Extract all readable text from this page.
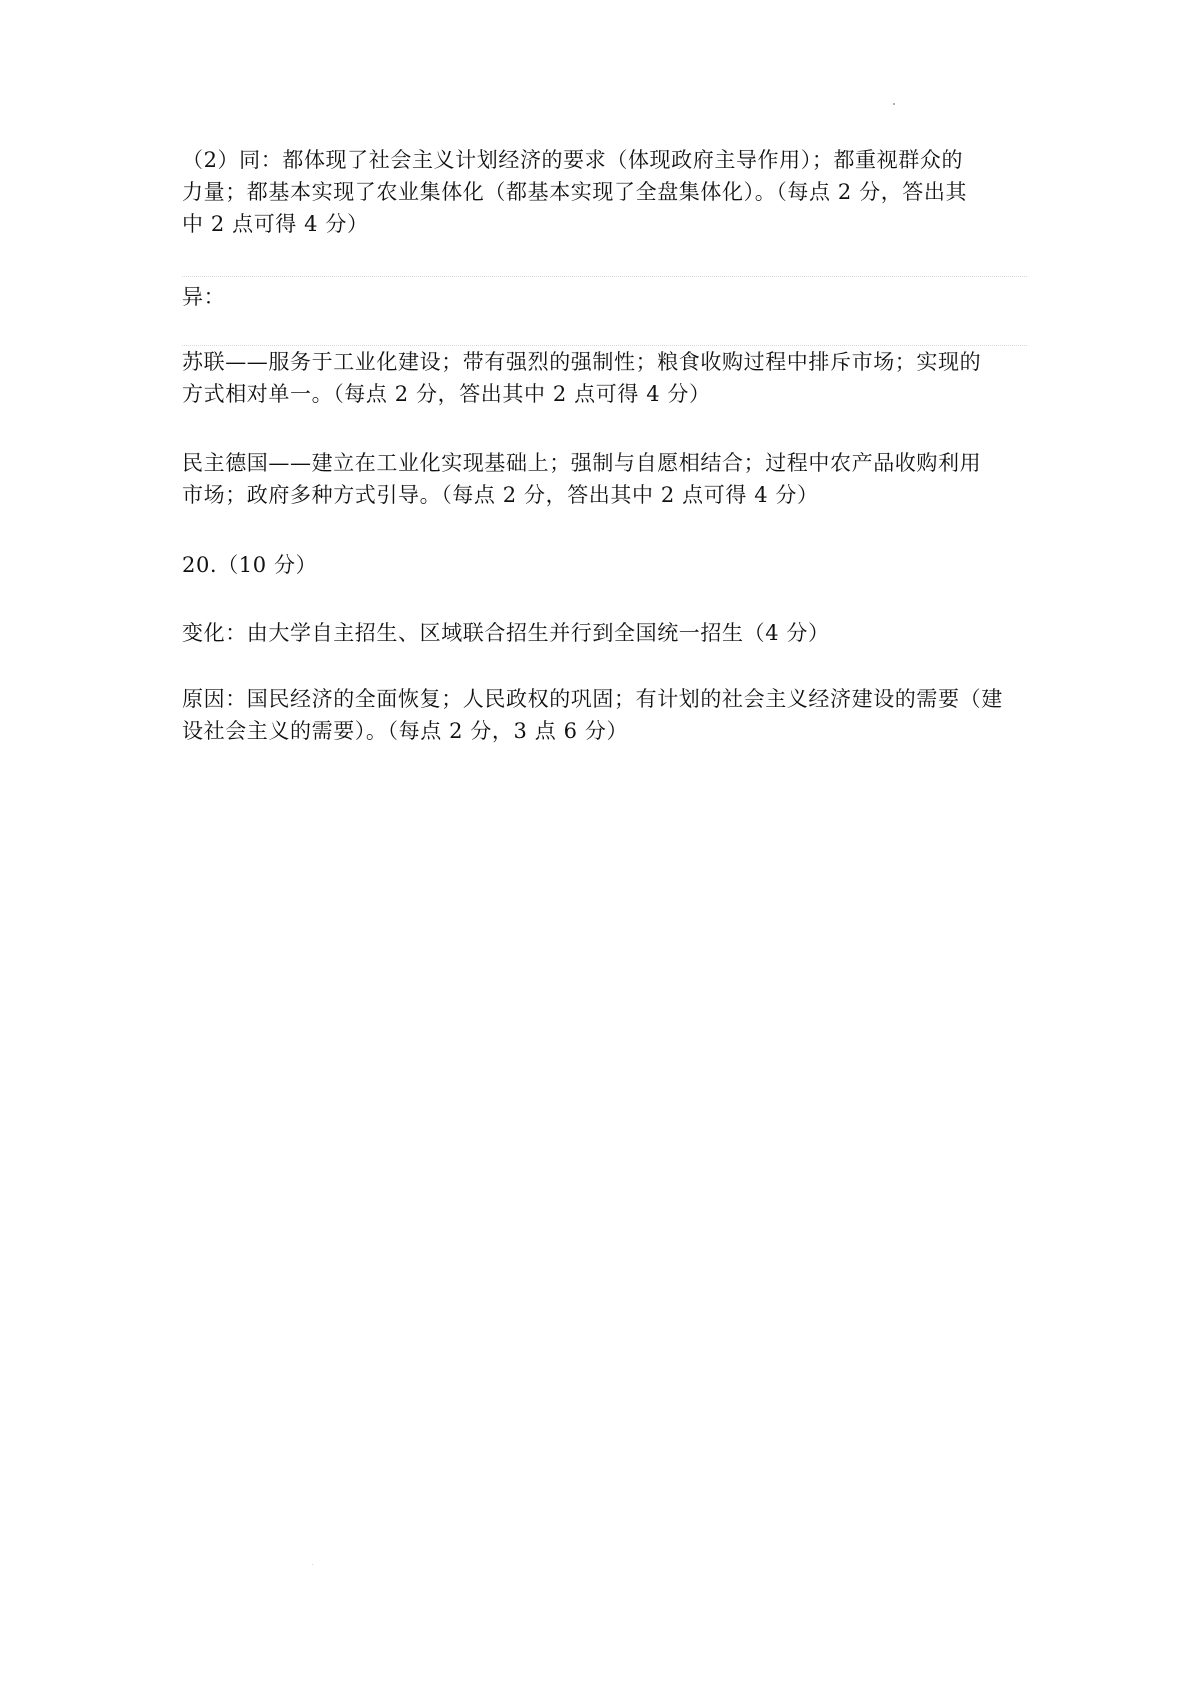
（2）同：都体现了社会主义计划经济的要求（体现政府主导作用）；都重视群众的
力量；都基本实现了农业集体化（都基本实现了全盘集体化）。（每点 2 分，答出其
中 2 点可得 4 分）

异：

苏联——服务于工业化建设；带有强烈的强制性；粮食收购过程中排斥市场；实现的
方式相对单一。（每点 2 分，答出其中 2 点可得 4 分）

民主德国——建立在工业化实现基础上；强制与自愿相结合；过程中农产品收购利用
市场；政府多种方式引导。（每点 2 分，答出其中 2 点可得 4 分）

20.（10 分）

变化：由大学自主招生、区域联合招生并行到全国统一招生（4 分）

原因：国民经济的全面恢复；人民政权的巩固；有计划的社会主义经济建设的需要（建
设社会主义的需要）。（每点 2 分，3 点 6 分）
